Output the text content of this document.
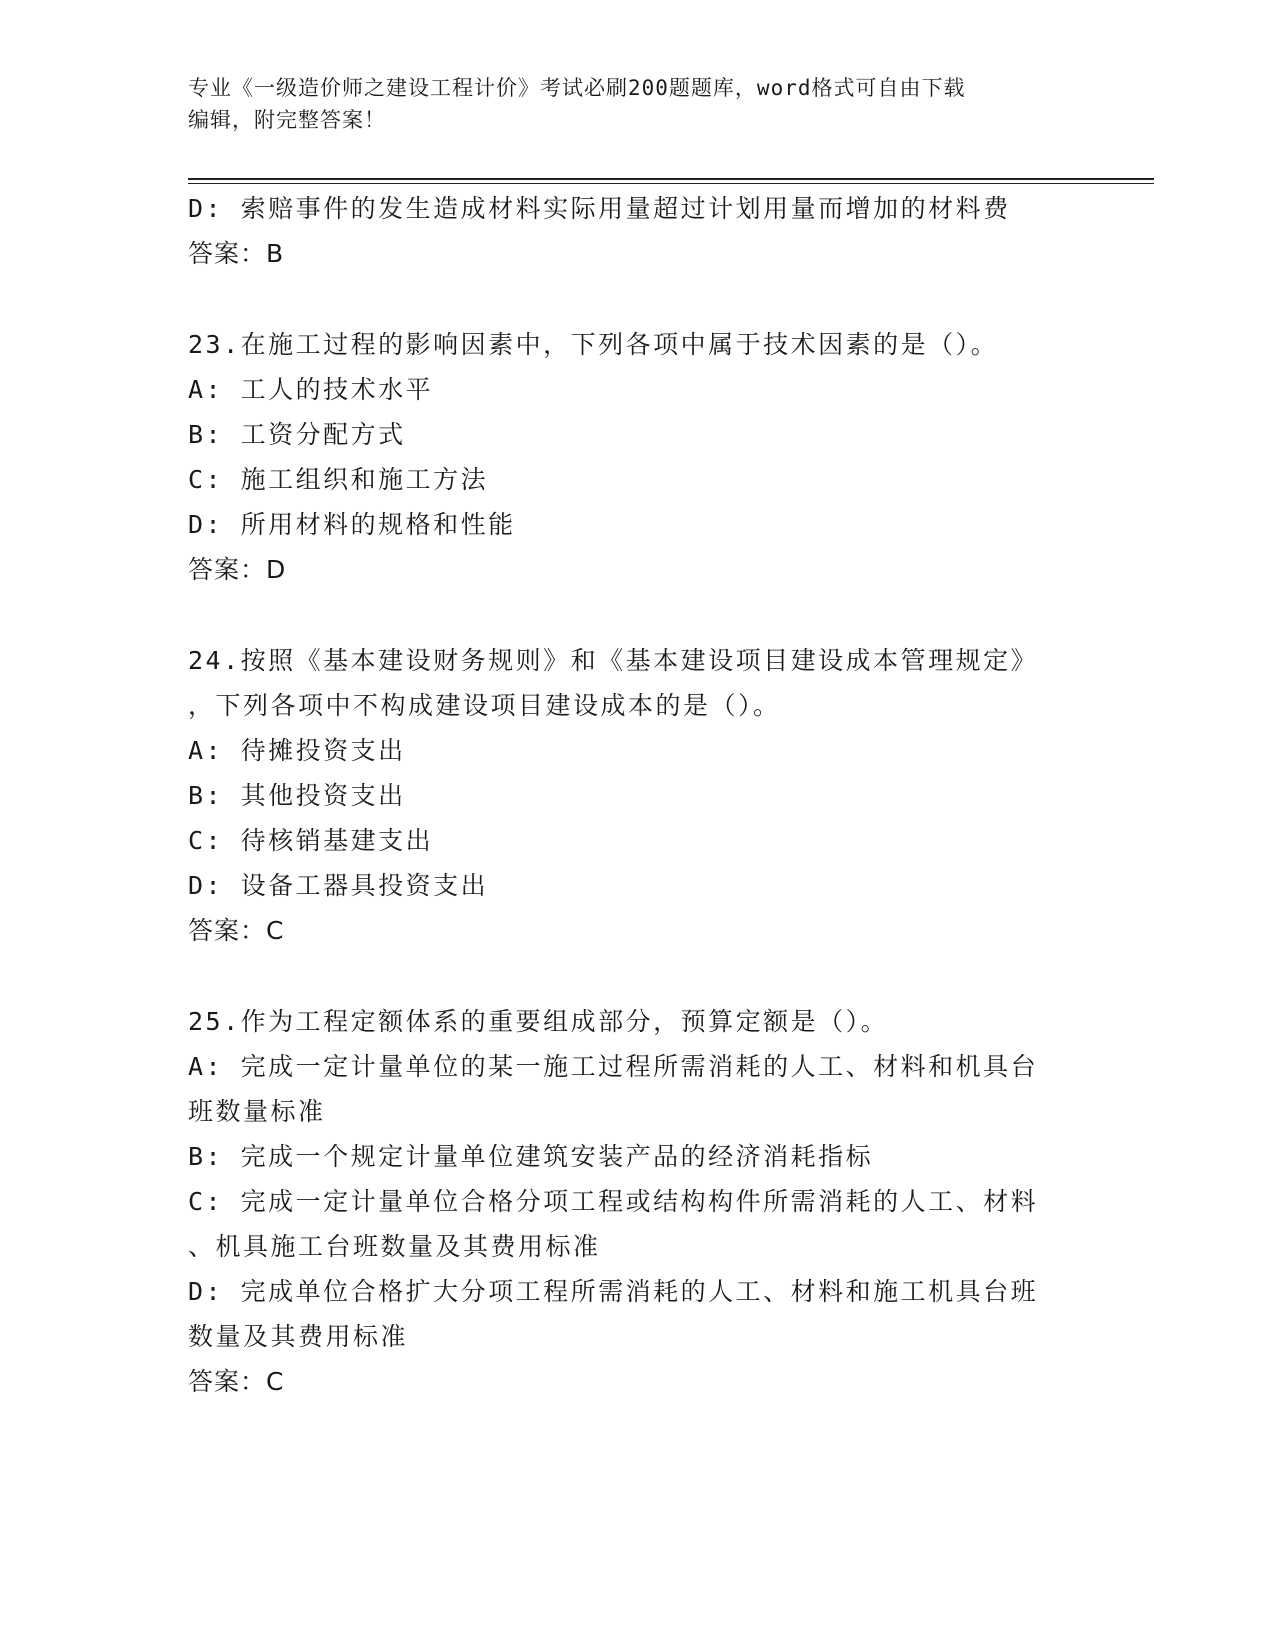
专业《一级造价师之建设工程计价》考试必刷200题题库，word格式可自由下载
编辑，附完整答案！
D: 索赔事件的发生造成材料实际用量超过计划用量而增加的材料费
答案：B
23.在施工过程的影响因素中，下列各项中属于技术因素的是（）。
A: 工人的技术水平
B: 工资分配方式
C: 施工组织和施工方法
D: 所用材料的规格和性能
答案：D
24.按照《基本建设财务规则》和《基本建设项目建设成本管理规定》
，下列各项中不构成建设项目建设成本的是（）。
A: 待摊投资支出
B: 其他投资支出
C: 待核销基建支出
D: 设备工器具投资支出
答案：C
25.作为工程定额体系的重要组成部分，预算定额是（）。
A: 完成一定计量单位的某一施工过程所需消耗的人工、材料和机具台
班数量标准
B: 完成一个规定计量单位建筑安装产品的经济消耗指标
C: 完成一定计量单位合格分项工程或结构构件所需消耗的人工、材料
、机具施工台班数量及其费用标准
D: 完成单位合格扩大分项工程所需消耗的人工、材料和施工机具台班
数量及其费用标准
答案：C
